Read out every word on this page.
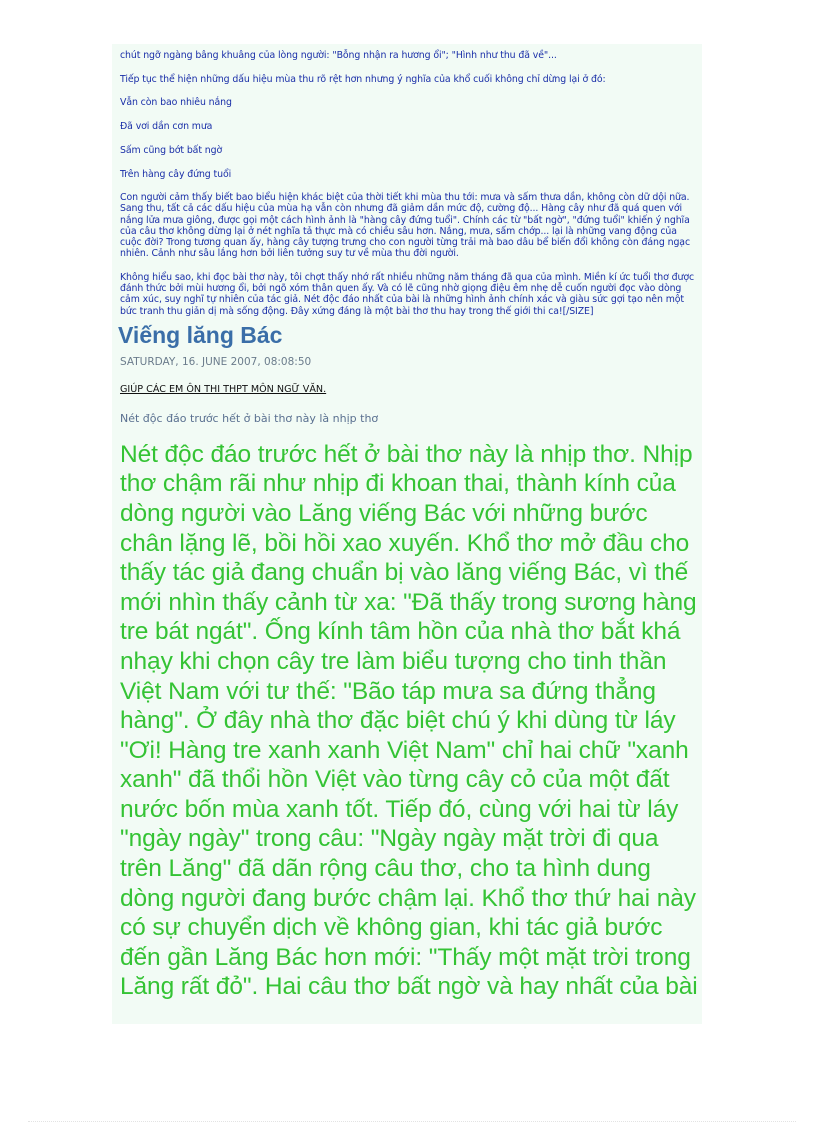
chút ngỡ ngàng bâng khuâng của lòng người: "Bỗng nhận ra hương ổi"; "Hình như thu đã về"...

Tiếp tục thể hiện những dấu hiệu mùa thu rõ rệt hơn nhưng ý nghĩa của khổ cuối không chỉ dừng lại ở đó:

Vẫn còn bao nhiêu nắng

Đã vơi dần cơn mưa

Sấm cũng bớt bất ngờ

Trên hàng cây đứng tuổi

Con người cảm thấy biết bao biểu hiện khác biệt của thời tiết khi mùa thu tới: mưa và sấm thưa dần, không còn dữ dội nữa. Sang thu, tất cả các dấu hiệu của mùa hạ vẫn còn nhưng đã giảm dần mức độ, cường độ... Hàng cây như đã quá quen với nắng lửa mưa giông, được gọi một cách hình ảnh là "hàng cây đứng tuổi". Chính các từ "bất ngờ", "đứng tuổi" khiến ý nghĩa của câu thơ không dừng lại ở nét nghĩa tả thực mà có chiều sâu hơn. Nắng, mưa, sấm chớp... lại là những vang động của cuộc đời? Trong tương quan ấy, hàng cây tượng trưng cho con người từng trải mà bao dâu bể biến đổi không còn đáng ngạc nhiên. Cảnh như sâu lắng hơn bởi liên tưởng suy tư về mùa thu đời người.

Không hiểu sao, khi đọc bài thơ này, tôi chợt thấy nhớ rất nhiều những năm tháng đã qua của mình. Miền kí ức tuổi thơ được đánh thức bởi mùi hương ổi, bởi ngõ xóm thân quen ấy. Và có lẽ cũng nhờ giọng điệu êm nhẹ dễ cuốn người đọc vào dòng cảm xúc, suy nghĩ tự nhiên của tác giả. Nét độc đáo nhất của bài là những hình ảnh chính xác và giàu sức gợi tạo nên một bức tranh thu giản dị mà sống động. Đây xứng đáng là một bài thơ thu hay trong thế giới thi ca![/SIZE]

Viếng lăng Bác
SATURDAY, 16. JUNE 2007, 08:08:50
GIÚP CÁC EM ÔN THI THPT MÔN NGỮ VĂN.
Nét độc đáo trước hết ở bài thơ này là nhịp thơ
Nét độc đáo trước hết ở bài thơ này là nhịp thơ. Nhịp thơ chậm rãi như nhịp đi khoan thai, thành kính của dòng người vào Lăng viếng Bác với những bước chân lặng lẽ, bồi hồi xao xuyến. Khổ thơ mở đầu cho thấy tác giả đang chuẩn bị vào lăng viếng Bác, vì thế mới nhìn thấy cảnh từ xa: "Đã thấy trong sương hàng tre bát ngát". Ống kính tâm hồn của nhà thơ bắt khá nhạy khi chọn cây tre làm biểu tượng cho tinh thần Việt Nam với tư thế: "Bão táp mưa sa đứng thẳng hàng". Ở đây nhà thơ đặc biệt chú ý khi dùng từ láy "Ơi! Hàng tre xanh xanh Việt Nam" chỉ hai chữ "xanh xanh" đã thổi hồn Việt vào từng cây cỏ của một đất nước bốn mùa xanh tốt. Tiếp đó, cùng với hai từ láy "ngày ngày" trong câu: "Ngày ngày mặt trời đi qua trên Lăng" đã dãn rộng câu thơ, cho ta hình dung dòng người đang bước chậm lại. Khổ thơ thứ hai này có sự chuyển dịch về không gian, khi tác giả bước đến gần Lăng Bác hơn mới: "Thấy một mặt trời trong Lăng rất đỏ". Hai câu thơ bất ngờ và hay nhất của bài
